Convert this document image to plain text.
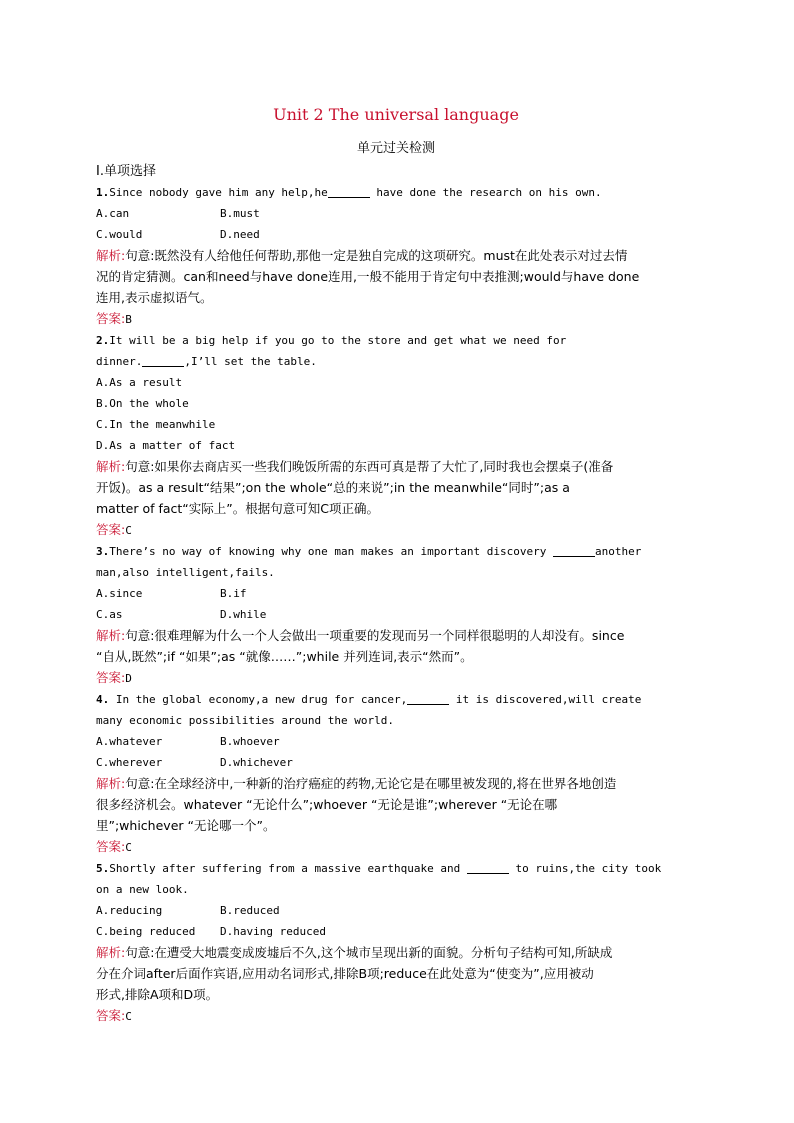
Unit 2 The universal language
单元过关检测
Ⅰ.单项选择
1.Since nobody gave him any help,he	have done the research on his own.
A.can	B.must
C.would	D.need
解析:句意:既然没有人给他任何帮助,那他一定是独自完成的这项研究。must在此处表示对过去情
况的肯定猜测。can和need与have done连用,一般不能用于肯定句中表推测;would与have done
连用,表示虚拟语气。
答案:B
2.It will be a big help if you go to the store and get what we need for
dinner.	,I’ll set the table.
A.As a result
B.On the whole
C.In the meanwhile
D.As a matter of fact
解析:句意:如果你去商店买一些我们晚饭所需的东西可真是帮了大忙了,同时我也会摆桌子(准备
开饭)。as a result“结果”;on the whole“总的来说”;in the meanwhile“同时”;as a
matter of fact“实际上”。根据句意可知C项正确。
答案:C
3.There’s no way of knowing why one man makes an important discovery	another
man,also intelligent,fails.
A.since	B.if
C.as	D.while
解析:句意:很难理解为什么一个人会做出一项重要的发现而另一个同样很聪明的人却没有。since
“自从,既然”;if “如果”;as “就像……”;while 并列连词,表示“然而”。
答案:D
4. In the global economy,a new drug for cancer,	it is discovered,will create
many economic possibilities around the world.
A.whatever	B.whoever
C.wherever	D.whichever
解析:句意:在全球经济中,一种新的治疗癌症的药物,无论它是在哪里被发现的,将在世界各地创造
很多经济机会。whatever “无论什么”;whoever “无论是谁”;wherever “无论在哪
里”;whichever “无论哪一个”。
答案:C
5.Shortly after suffering from a massive earthquake and	to ruins,the city took
on a new look.
A.reducing	B.reduced
C.being reduced	D.having reduced
解析:句意:在遭受大地震变成废墟后不久,这个城市呈现出新的面貌。分析句子结构可知,所缺成
分在介词after后面作宾语,应用动名词形式,排除B项;reduce在此处意为“使变为”,应用被动
形式,排除A项和D项。
答案:C
